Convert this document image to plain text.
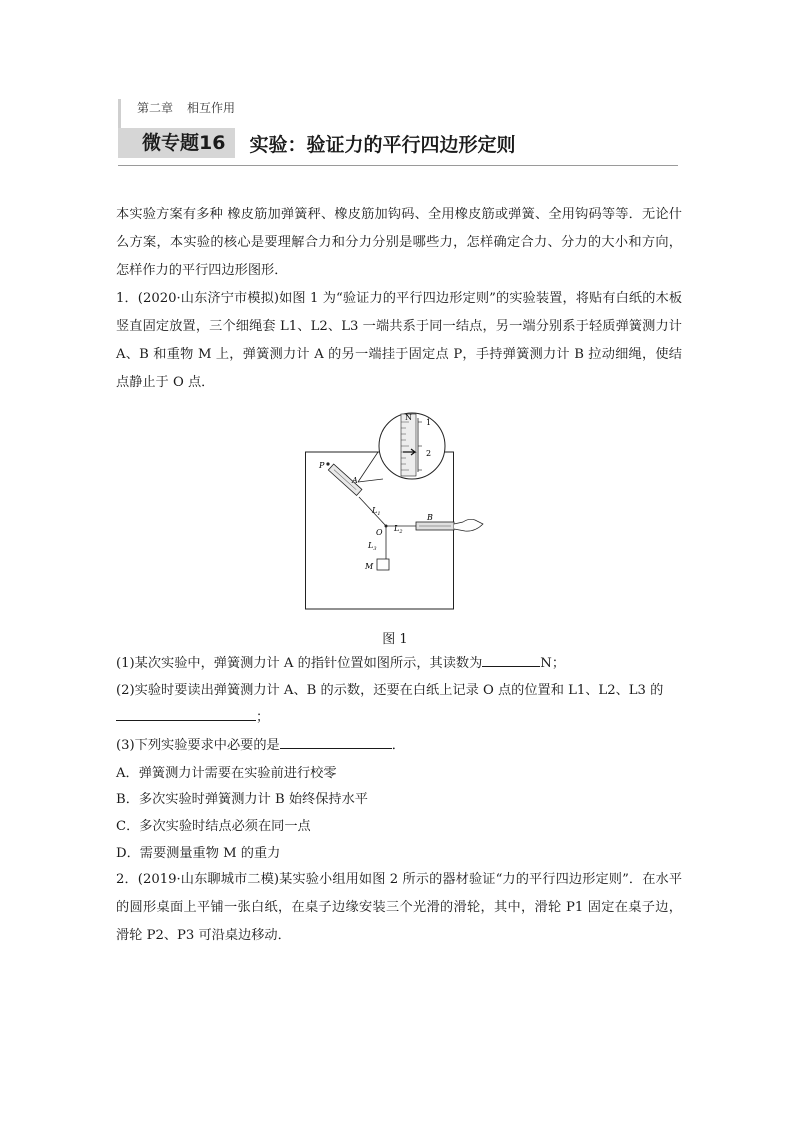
第二章 相互作用
微专题16	实验：验证力的平行四边形定则

本实验方案有多种 橡皮筋加弹簧秤、橡皮筋加钩码、全用橡皮筋或弹簧、全用钩码等等．无论什么方案，本实验的核心是要理解合力和分力分别是哪些力，怎样确定合力、分力的大小和方向，怎样作力的平行四边形图形．

1．(2020·山东济宁市模拟)如图 1 为“验证力的平行四边形定则”的实验装置，将贴有白纸的木板竖直固定放置，三个细绳套 L1、L2、L3 一端共系于同一结点，另一端分别系于轻质弹簧测力计 A、B 和重物 M 上，弹簧测力计 A 的另一端挂于固定点 P，手持弹簧测力计 B 拉动细绳，使结点静止于 O 点．

N
1
2
P
A
$L_1$
O $L_2$
B
$L_3$
M
图 1

(1)某次实验中，弹簧测力计 A 的指针位置如图所示，其读数为	N；

(2)实验时要读出弹簧测力计 A、B 的示数，还要在白纸上记录 O 点的位置和 L1、L2、L3 的

；

(3)下列实验要求中必要的是	．

A．弹簧测力计需要在实验前进行校零

B．多次实验时弹簧测力计 B 始终保持水平

C．多次实验时结点必须在同一点

D．需要测量重物 M 的重力

2．(2019·山东聊城市二模)某实验小组用如图 2 所示的器材验证“力的平行四边形定则”．在水平的圆形桌面上平铺一张白纸，在桌子边缘安装三个光滑的滑轮，其中，滑轮 P1 固定在桌子边，滑轮 P2、P3 可沿桌边移动．
